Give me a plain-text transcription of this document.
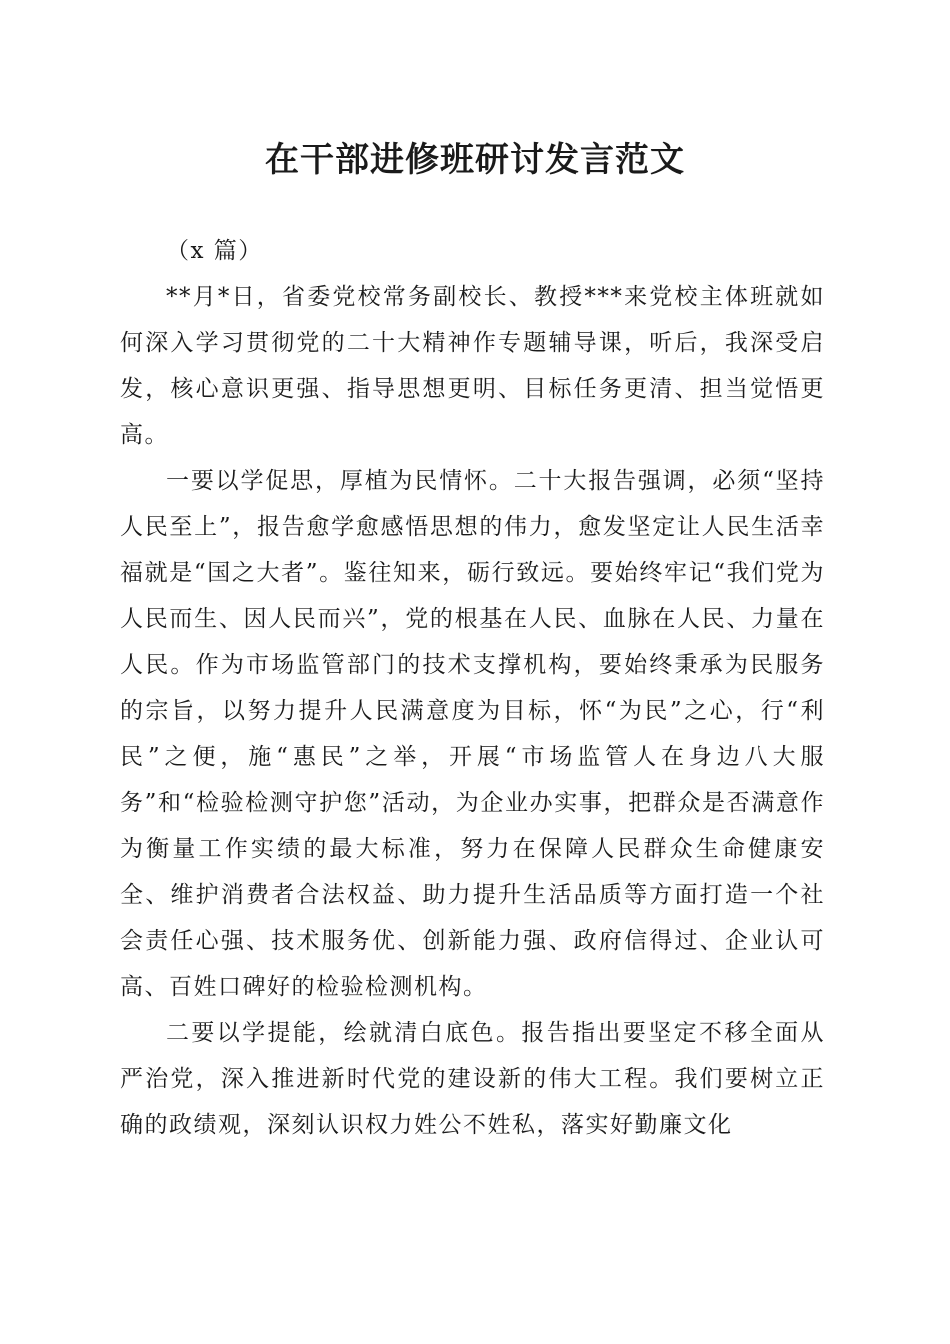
在干部进修班研讨发言范文

（x 篇）

**月*日，省委党校常务副校长、教授***来党校主体班就如何深入学习贯彻党的二十大精神作专题辅导课，听后，我深受启发，核心意识更强、指导思想更明、目标任务更清、担当觉悟更高。

一要以学促思，厚植为民情怀。二十大报告强调，必须“坚持人民至上”，报告愈学愈感悟思想的伟力，愈发坚定让人民生活幸福就是“国之大者”。鉴往知来，砺行致远。要始终牢记“我们党为人民而生、因人民而兴”，党的根基在人民、血脉在人民、力量在人民。作为市场监管部门的技术支撑机构，要始终秉承为民服务的宗旨，以努力提升人民满意度为目标，怀“为民”之心，行“利民”之便，施“惠民”之举，开展“市场监管人在身边八大服务”和“检验检测守护您”活动，为企业办实事，把群众是否满意作为衡量工作实绩的最大标准，努力在保障人民群众生命健康安全、维护消费者合法权益、助力提升生活品质等方面打造一个社会责任心强、技术服务优、创新能力强、政府信得过、企业认可高、百姓口碑好的检验检测机构。

二要以学提能，绘就清白底色。报告指出要坚定不移全面从严治党，深入推进新时代党的建设新的伟大工程。我们要树立正确的政绩观，深刻认识权力姓公不姓私，落实好勤廉文化
